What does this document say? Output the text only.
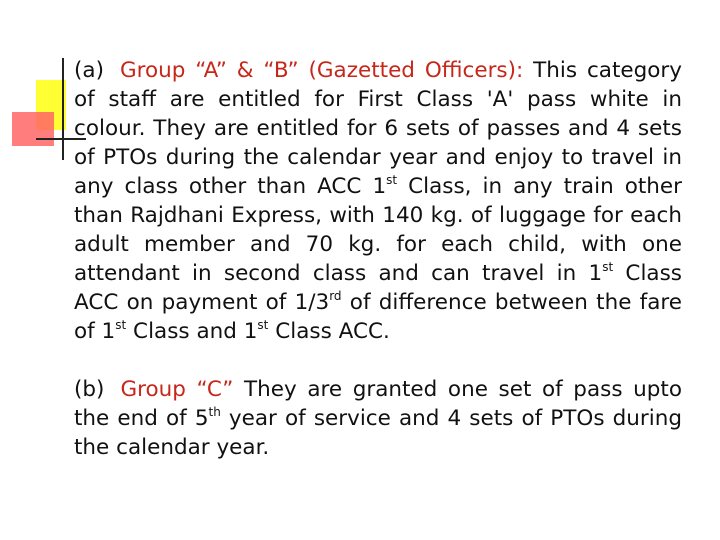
(a) Group “A” & “B” (Gazetted Officers): This category of staff are entitled for First Class 'A' pass white in colour. They are entitled for 6 sets of passes and 4 sets of PTOs during the calendar year and enjoy to travel in any class other than ACC 1st Class, in any train other than Rajdhani Express, with 140 kg. of luggage for each adult member and 70 kg. for each child, with one attendant in second class and can travel in 1st Class ACC on payment of 1/3rd of difference between the fare of 1st Class and 1st Class ACC.

(b) Group “C” They are granted one set of pass upto the end of 5th year of service and 4 sets of PTOs during the calendar year.
